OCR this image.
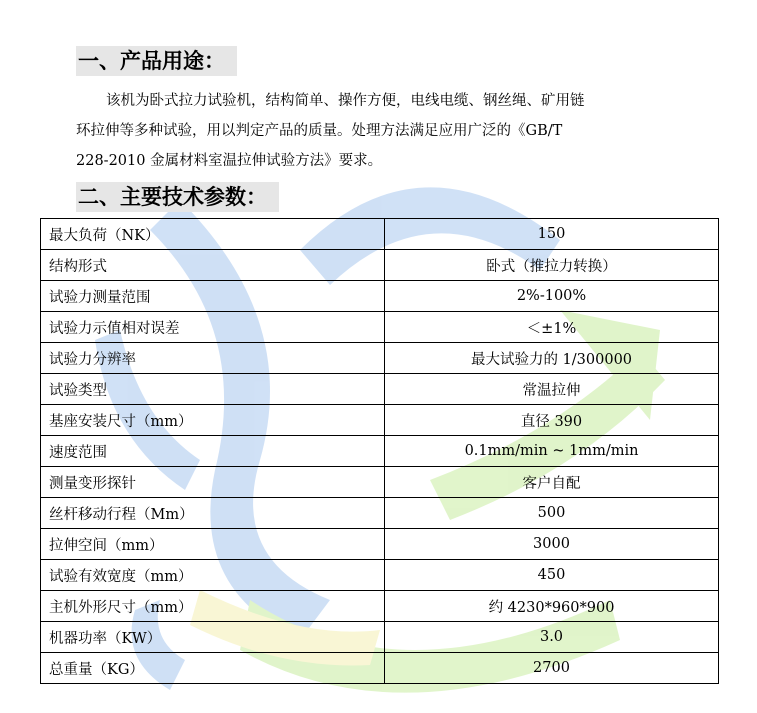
一、产品用途：

该机为卧式拉力试验机，结构简单、操作方便，电线电缆、钢丝绳、矿用链

环拉伸等多种试验，用以判定产品的质量。处理方法满足应用广泛的《GB/T

228-2010 金属材料室温拉伸试验方法》要求。

二、主要技术参数：
最大负荷（NK）	150
结构形式	卧式（推拉力转换）
试验力测量范围	2%-100%
试验力示值相对误差	＜±1%
试验力分辨率	最大试验力的 1/300000
试验类型	常温拉伸
基座安装尺寸（mm）	直径 390
速度范围	0.1mm/min ~ 1mm/min
测量变形探针	客户自配
丝杆移动行程（Mm）	500
拉伸空间（mm）	3000
试验有效宽度（mm）	450
主机外形尺寸（mm）	约 4230*960*900
机器功率（KW）	3.0
总重量（KG）	2700
